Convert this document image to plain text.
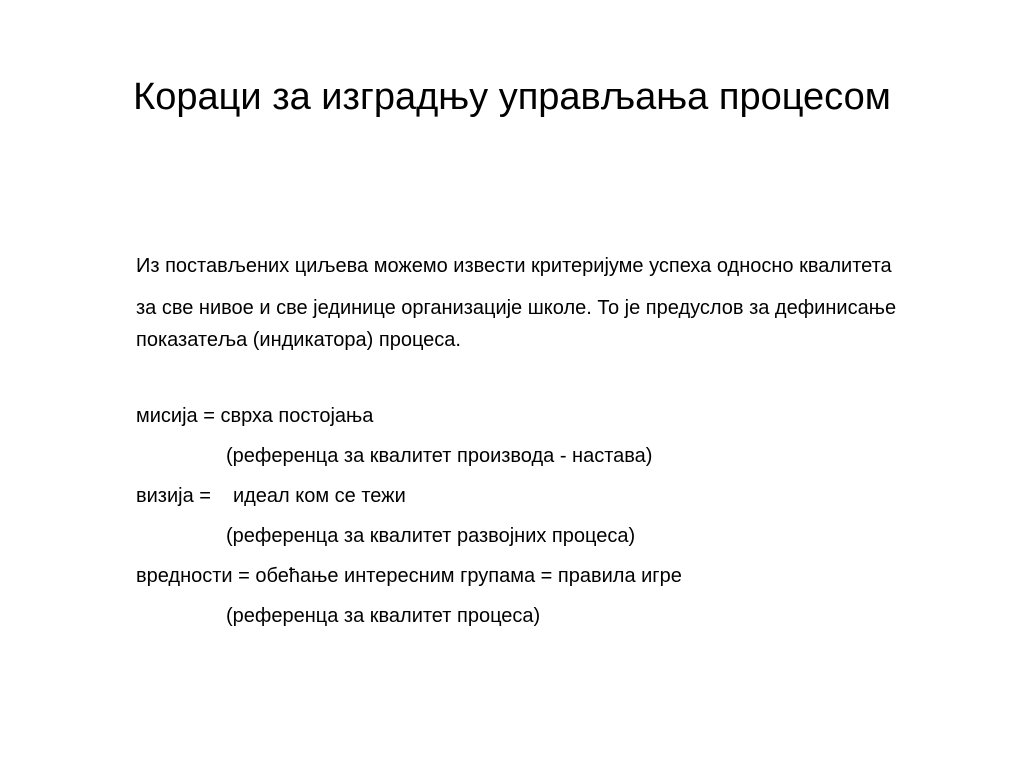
Кораци за изградњу управљања процесом

Из постављених циљева можемо извести критеријуме успеха односно квалитета

за све нивое и све јединице организације школе. То је предуслов за дефинисање показатеља (индикатора) процеса.

мисија = сврха постојања

(референца за квалитет производа - настава)

визија = идеал ком се тежи

(референца за квалитет развојних процеса)

вредности = обећање интересним групама = правила игре

(референца за квалитет процеса)
